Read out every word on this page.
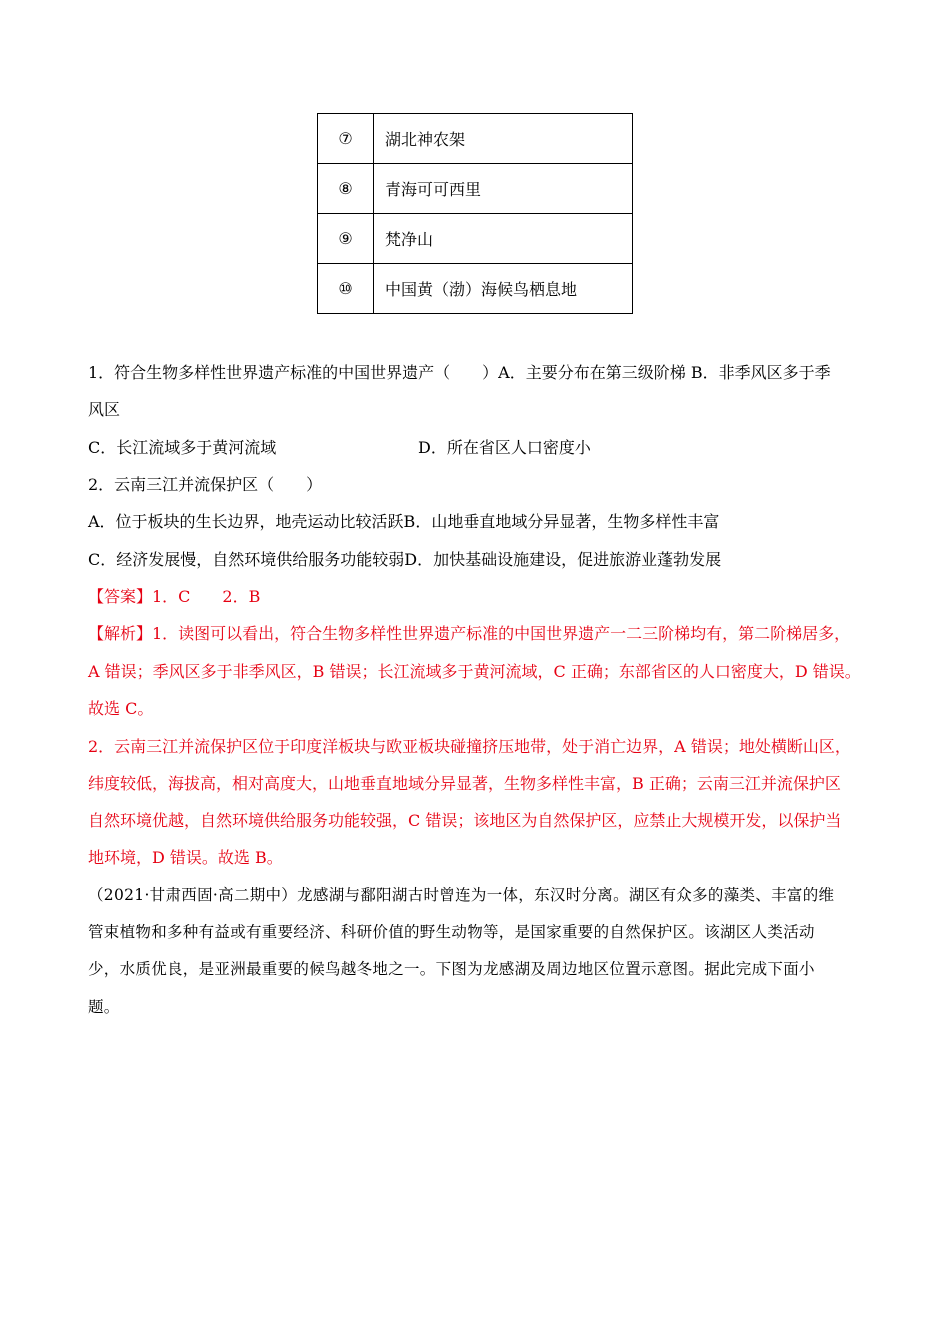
⑦	湖北神农架
⑧	青海可可西里
⑨	梵净山
⑩	中国黄（渤）海候鸟栖息地
1．符合生物多样性世界遗产标准的中国世界遗产（　　）A．主要分布在第三级阶梯 B．非季风区多于季
风区
C．长江流域多于黄河流域	D．所在省区人口密度小
2．云南三江并流保护区（　　）
A．位于板块的生长边界，地壳运动比较活跃B．山地垂直地域分异显著，生物多样性丰富
C．经济发展慢，自然环境供给服务功能较弱D．加快基础设施建设，促进旅游业蓬勃发展
【答案】1．C　　2．B
【解析】1．读图可以看出，符合生物多样性世界遗产标准的中国世界遗产一二三阶梯均有，第二阶梯居多，
A 错误；季风区多于非季风区，B 错误；长江流域多于黄河流域，C 正确；东部省区的人口密度大，D 错误。
故选 C。
2．云南三江并流保护区位于印度洋板块与欧亚板块碰撞挤压地带，处于消亡边界，A 错误；地处横断山区，
纬度较低，海拔高，相对高度大，山地垂直地域分异显著，生物多样性丰富，B 正确；云南三江并流保护区
自然环境优越，自然环境供给服务功能较强，C 错误；该地区为自然保护区，应禁止大规模开发，以保护当
地环境，D 错误。故选 B。
（2021·甘肃西固·高二期中）龙感湖与鄱阳湖古时曾连为一体，东汉时分离。湖区有众多的藻类、丰富的维
管束植物和多种有益或有重要经济、科研价值的野生动物等，是国家重要的自然保护区。该湖区人类活动
少，水质优良，是亚洲最重要的候鸟越冬地之一。下图为龙感湖及周边地区位置示意图。据此完成下面小
题。
